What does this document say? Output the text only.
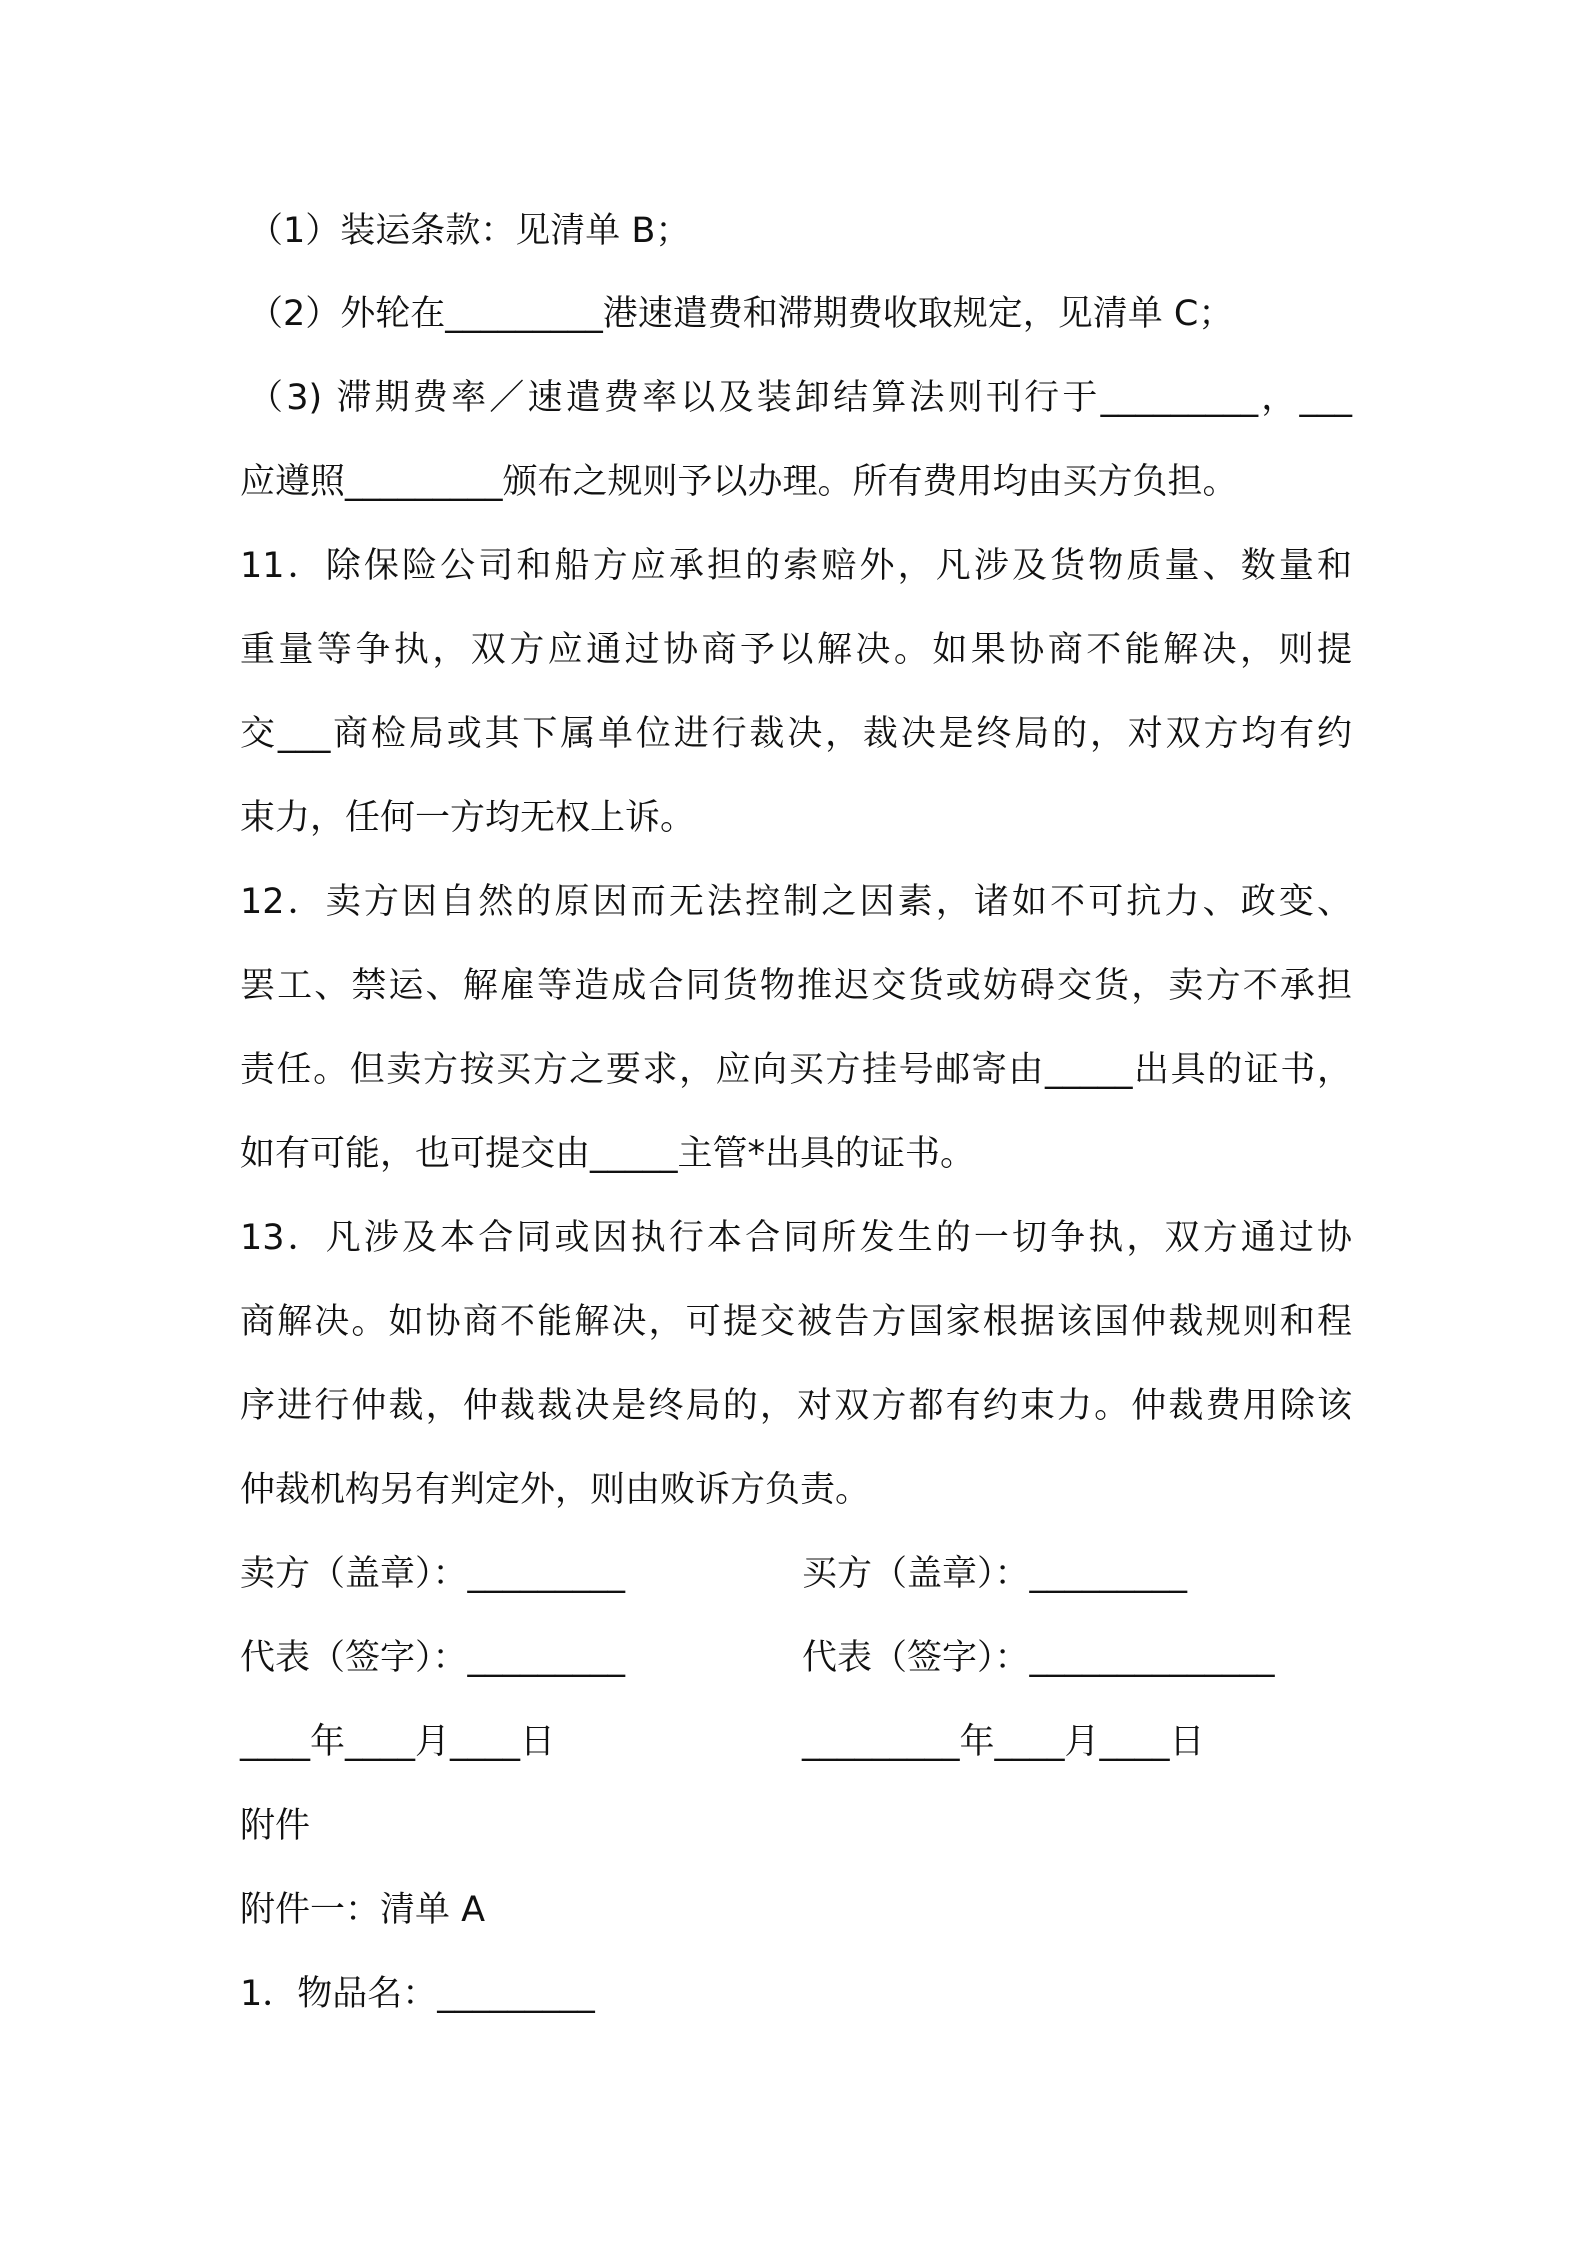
（1）装运条款：见清单 B；
（2）外轮在_________港速遣费和滞期费收取规定，见清单 C；
（3) 滞期费率／速遣费率以及装卸结算法则刊行于_________，___
应遵照_________颁布之规则予以办理。所有费用均由买方负担。
11．除保险公司和船方应承担的索赔外，凡涉及货物质量、数量和
重量等争执，双方应通过协商予以解决。如果协商不能解决，则提
交___商检局或其下属单位进行裁决，裁决是终局的，对双方均有约
束力，任何一方均无权上诉。
12．卖方因自然的原因而无法控制之因素，诸如不可抗力、政变、
罢工、禁运、解雇等造成合同货物推迟交货或妨碍交货，卖方不承担
责任。但卖方按买方之要求，应向买方挂号邮寄由_____出具的证书，
如有可能，也可提交由_____主管*出具的证书。
13．凡涉及本合同或因执行本合同所发生的一切争执，双方通过协
商解决。如协商不能解决，可提交被告方国家根据该国仲裁规则和程
序进行仲裁，仲裁裁决是终局的，对双方都有约束力。仲裁费用除该
仲裁机构另有判定外，则由败诉方负责。
卖方（盖章）：_________	买方（盖章）：_________
代表（签字）：_________	代表（签字）：______________
____年____月____日	_________年____月____日
附件
附件一：清单 A
1．物品名：_________
